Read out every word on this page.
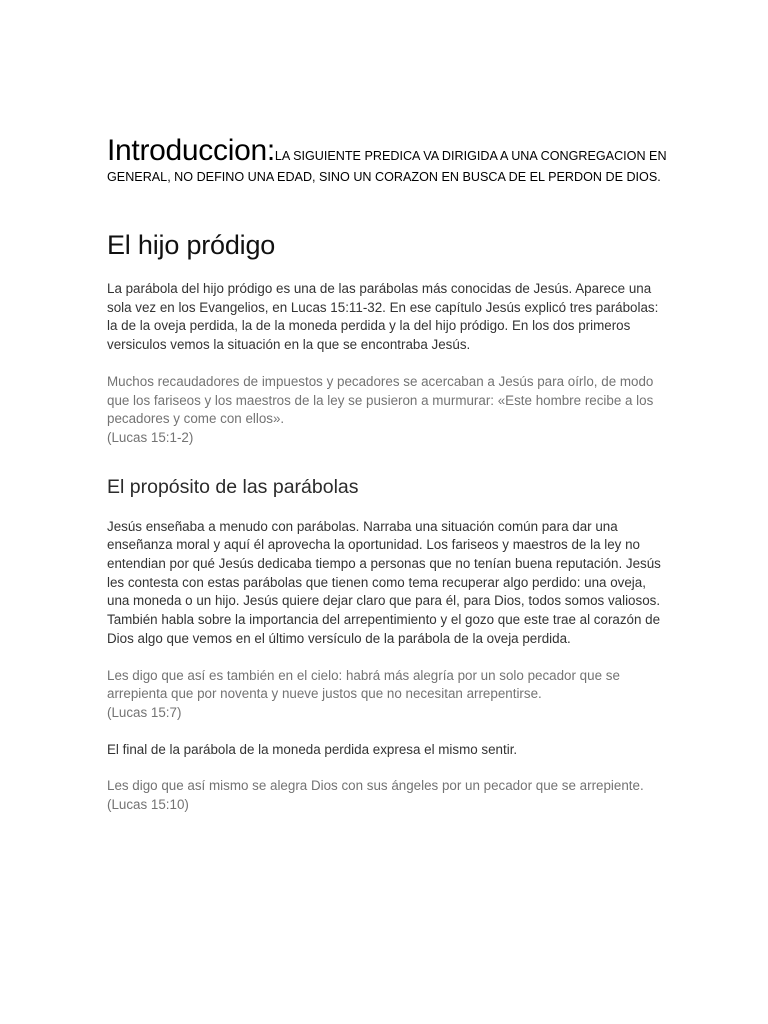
Introduccion:LA SIGUIENTE PREDICA VA DIRIGIDA A UNA CONGREGACION EN GENERAL, NO DEFINO UNA EDAD, SINO UN CORAZON EN BUSCA DE EL PERDON DE DIOS.

El hijo pródigo

La parábola del hijo pródigo es una de las parábolas más conocidas de Jesús. Aparece una sola vez en los Evangelios, en Lucas 15:11-32. En ese capítulo Jesús explicó tres parábolas: la de la oveja perdida, la de la moneda perdida y la del hijo pródigo. En los dos primeros versiculos vemos la situación en la que se encontraba Jesús.

Muchos recaudadores de impuestos y pecadores se acercaban a Jesús para oírlo, de modo que los fariseos y los maestros de la ley se pusieron a murmurar: «Este hombre recibe a los pecadores y come con ellos».
(Lucas 15:1-2)

El propósito de las parábolas

Jesús enseñaba a menudo con parábolas. Narraba una situación común para dar una enseñanza moral y aquí él aprovecha la oportunidad. Los fariseos y maestros de la ley no entendian por qué Jesús dedicaba tiempo a personas que no tenían buena reputación. Jesús les contesta con estas parábolas que tienen como tema recuperar algo perdido: una oveja, una moneda o un hijo. Jesús quiere dejar claro que para él, para Dios, todos somos valiosos. También habla sobre la importancia del arrepentimiento y el gozo que este trae al corazón de Dios algo que vemos en el último versículo de la parábola de la oveja perdida.

Les digo que así es también en el cielo: habrá más alegría por un solo pecador que se arrepienta que por noventa y nueve justos que no necesitan arrepentirse.
(Lucas 15:7)

El final de la parábola de la moneda perdida expresa el mismo sentir.

Les digo que así mismo se alegra Dios con sus ángeles por un pecador que se arrepiente.
(Lucas 15:10)
